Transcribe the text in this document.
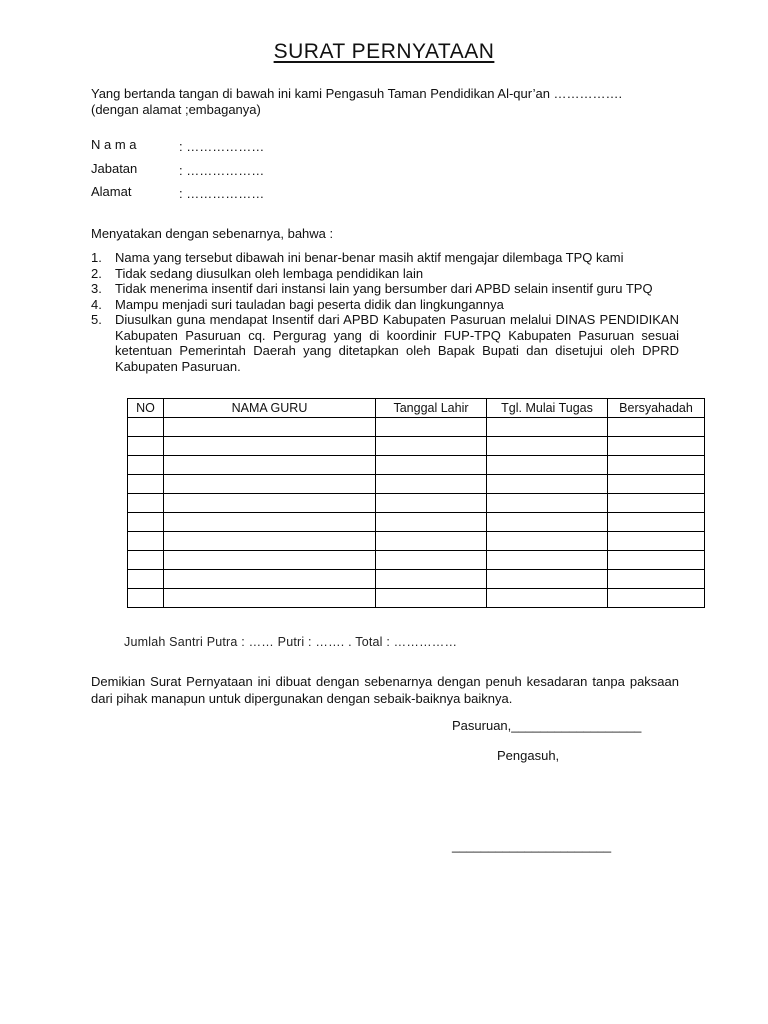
SURAT PERNYATAAN
Yang bertanda tangan di bawah ini kami Pengasuh Taman Pendidikan Al-qur’an …………….
(dengan alamat ;embaganya)
N a m a	: ………………
Jabatan	: ………………
Alamat	: ………………
Menyatakan dengan sebenarnya, bahwa :
1.	Nama yang tersebut dibawah ini benar-benar masih aktif mengajar dilembaga TPQ kami
2.	Tidak sedang diusulkan oleh lembaga pendidikan lain
3.	Tidak menerima insentif dari instansi lain yang bersumber dari APBD selain insentif guru TPQ
4.	Mampu menjadi suri tauladan bagi peserta didik dan lingkungannya
5.	Diusulkan guna mendapat Insentif dari APBD Kabupaten Pasuruan melalui DINAS PENDIDIKAN Kabupaten Pasuruan cq. Pergurag yang di koordinir FUP-TPQ Kabupaten Pasuruan sesuai ketentuan Pemerintah Daerah yang ditetapkan oleh Bapak Bupati dan disetujui oleh DPRD Kabupaten Pasuruan.
NO	NAMA GURU	Tanggal Lahir	Tgl. Mulai Tugas	Bersyahadah

Jumlah Santri Putra : …… Putri : ……. . Total : ……………
Demikian Surat Pernyataan ini dibuat dengan sebenarnya dengan penuh kesadaran tanpa paksaan dari pihak manapun untuk dipergunakan dengan sebaik-baiknya baiknya.
Pasuruan,__________________
Pengasuh,
______________________
